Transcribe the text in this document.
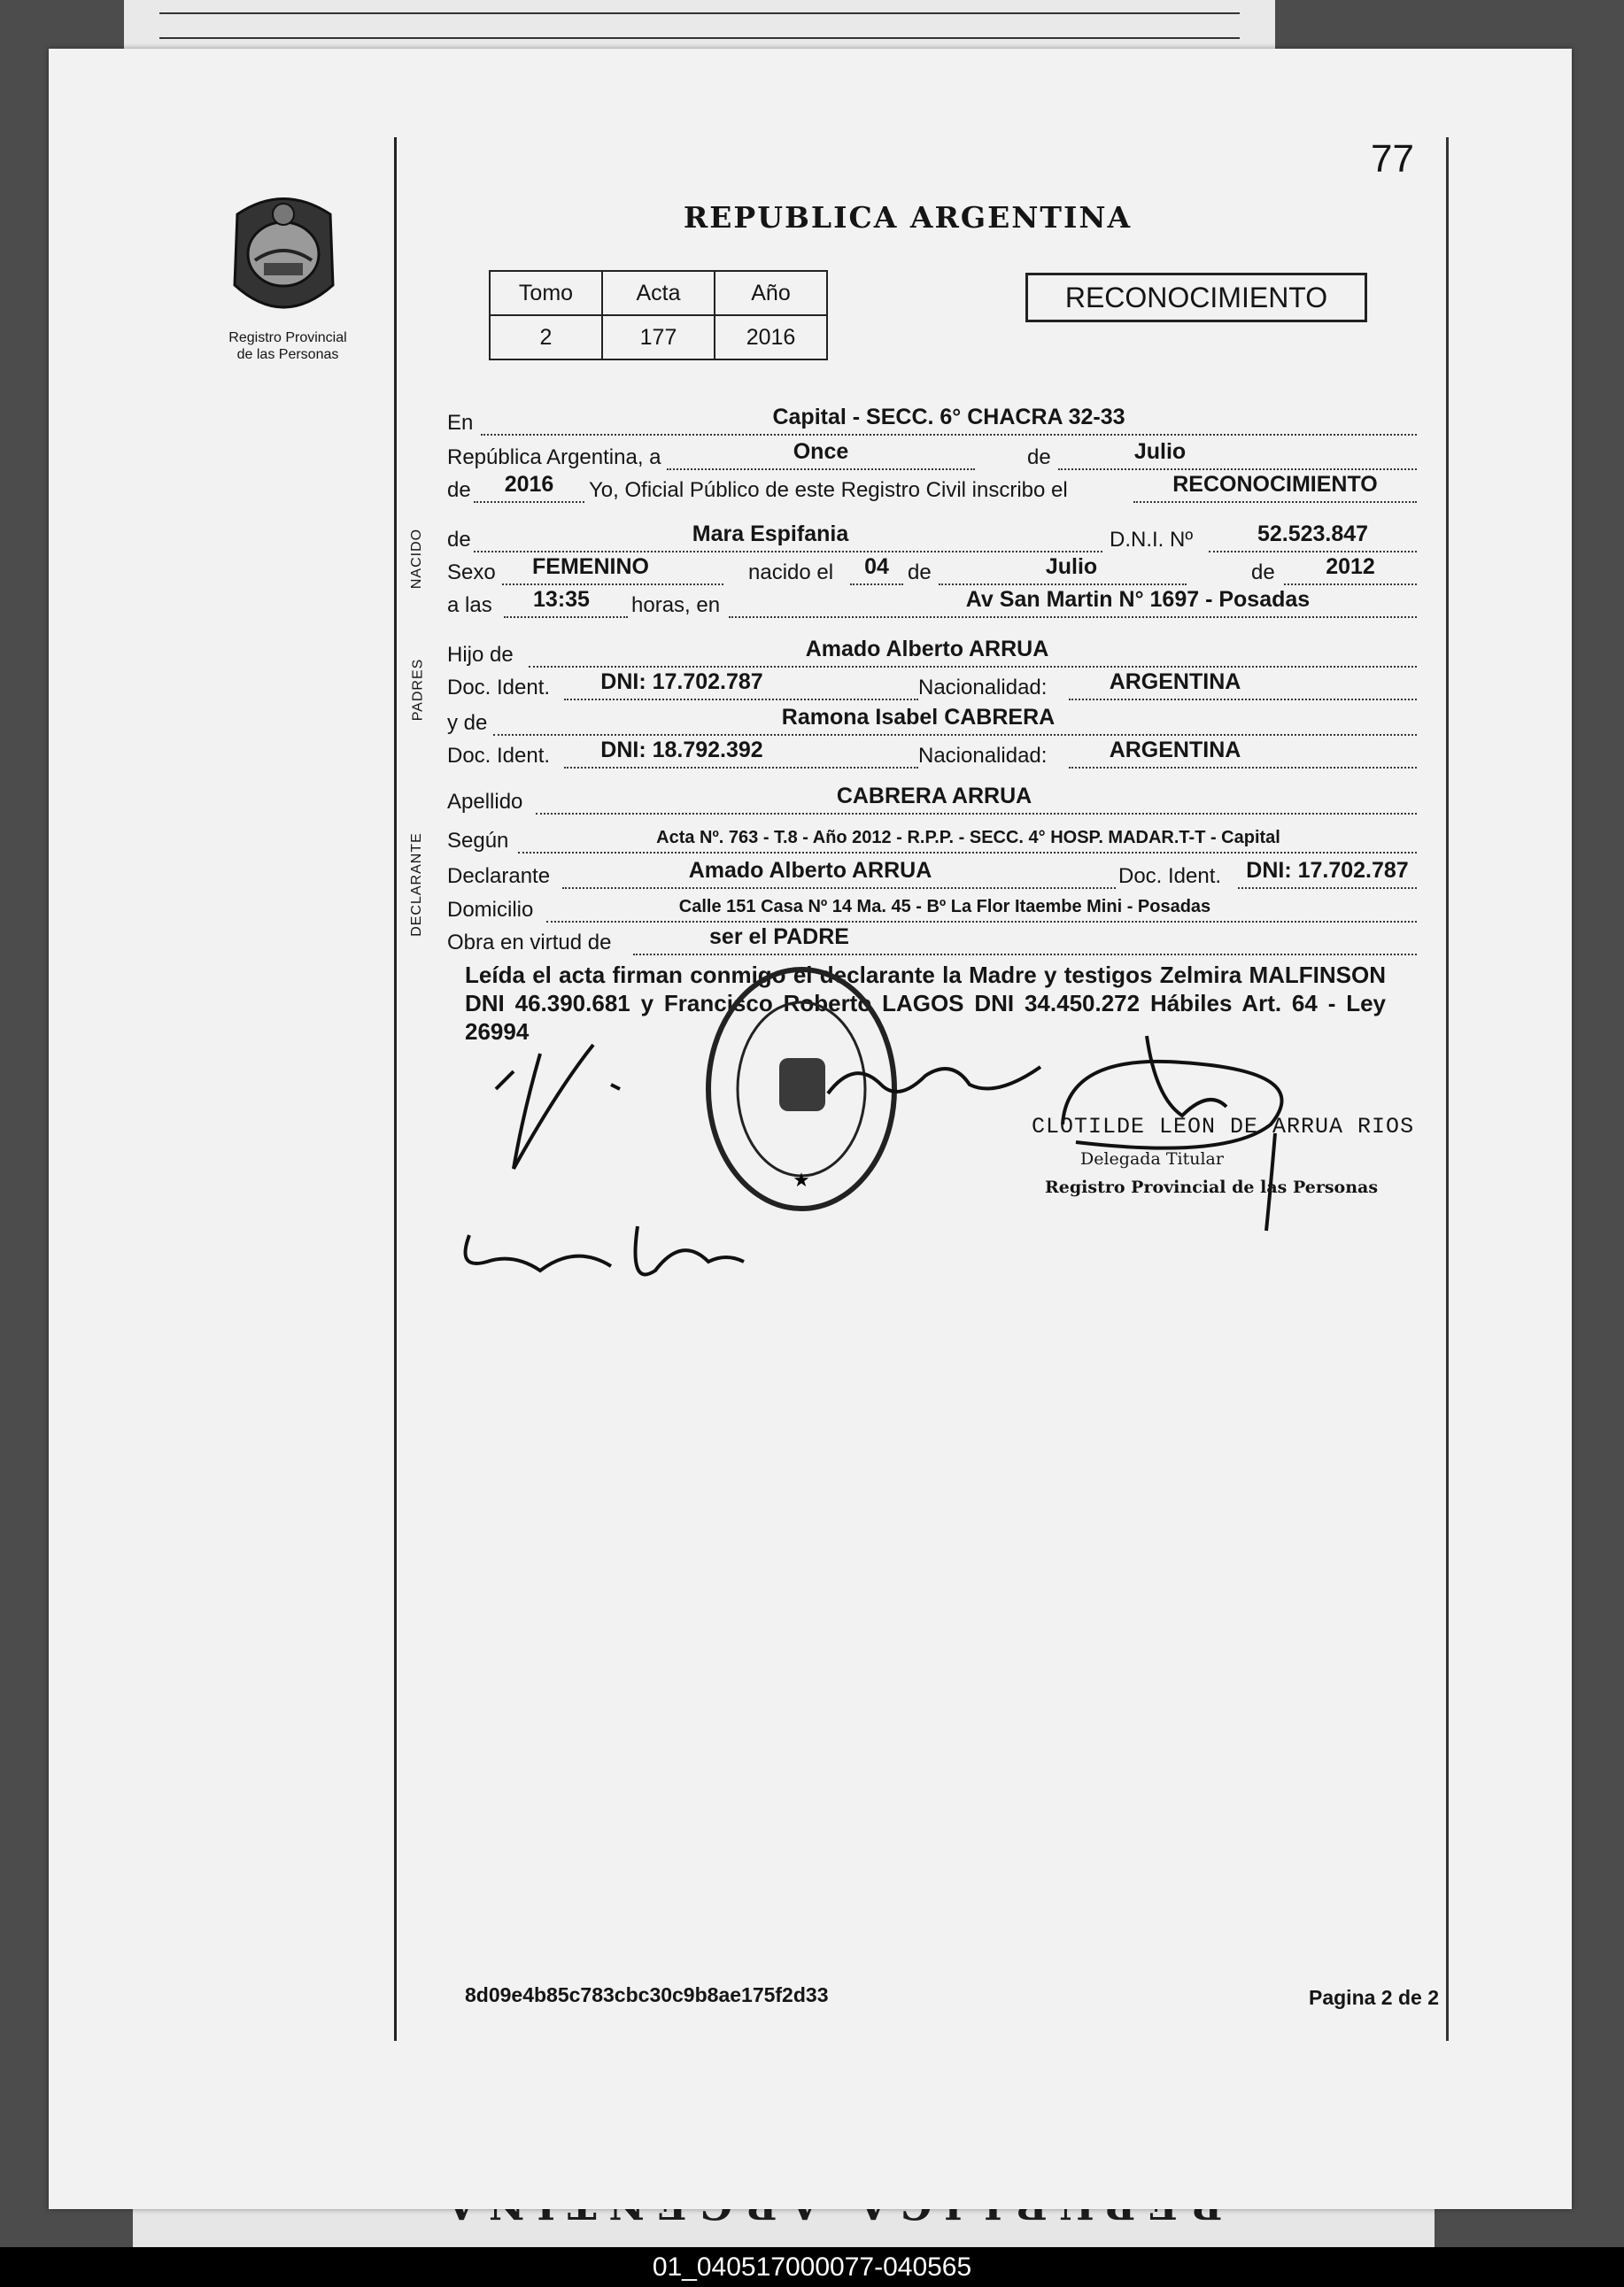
77
REPUBLICA ARGENTINA
Registro Provincial
de las Personas
Tomo	Acta	Año
2	177	2016
RECONOCIMIENTO
NACIDO
PADRES
DECLARANTE
En	Capital - SECC. 6° CHACRA 32-33
República Argentina, a	Once	de	Julio
de	2016	Yo, Oficial Público de este Registro Civil inscribo el	RECONOCIMIENTO
de	Mara Espifania	D.N.I. Nº	52.523.847
Sexo	FEMENINO	nacido el	04 de	Julio	de	2012
a las	13:35	horas, en	Av San Martin N° 1697 - Posadas
Hijo de	Amado Alberto ARRUA
Doc. Ident.	DNI: 17.702.787	Nacionalidad:	ARGENTINA
y de	Ramona Isabel CABRERA
Doc. Ident.	DNI: 18.792.392	Nacionalidad:	ARGENTINA
Apellido	CABRERA ARRUA
Según	Acta Nº. 763 - T.8 - Año 2012 - R.P.P. - SECC. 4° HOSP. MADAR.T-T - Capital
Declarante	Amado Alberto ARRUA	Doc. Ident.	DNI: 17.702.787
Domicilio	Calle 151 Casa Nº 14 Ma. 45 - Bº La Flor Itaembe Mini - Posadas
Obra en virtud de	ser el PADRE
Leída el acta firman conmigo el declarante la Madre y testigos Zelmira MALFINSON DNI 46.390.681 y Francisco Roberto LAGOS DNI 34.450.272 Hábiles Art. 64 - Ley 26994
★
CLOTILDE LEON DE ARRUA RIOS
Delegada Titular
Registro Provincial de las Personas
8d09e4b85c783cbc30c9b8ae175f2d33	Pagina 2 de 2
01_040517000077-040565
